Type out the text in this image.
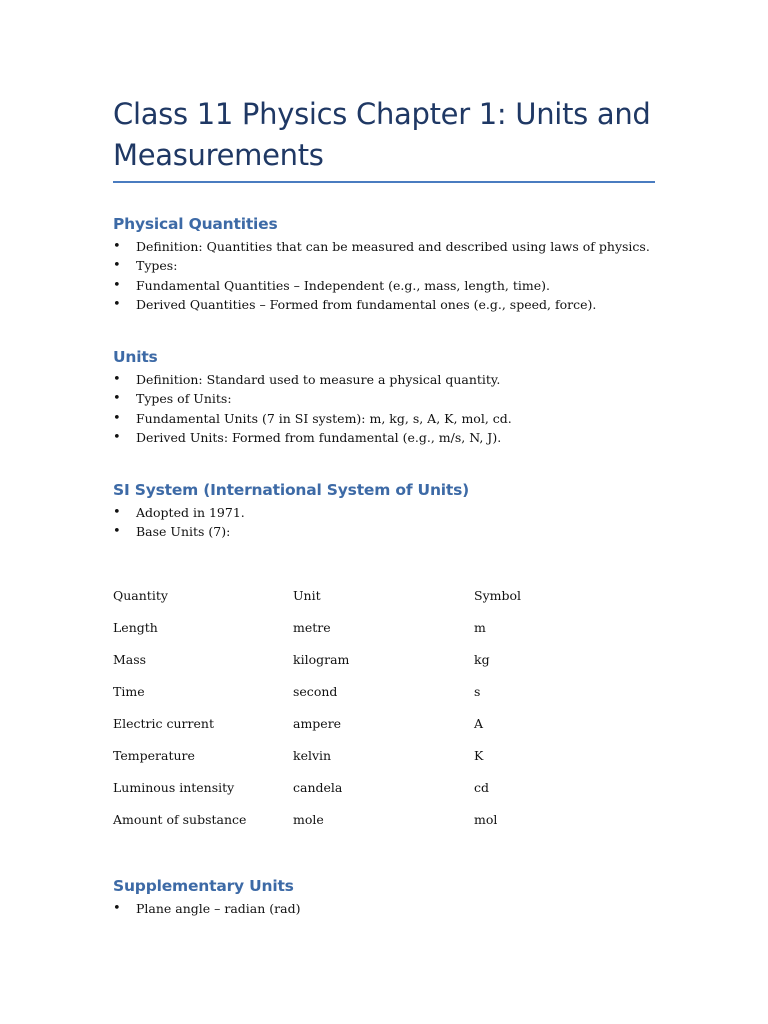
Class 11 Physics Chapter 1: Units and
Measurements
Physical Quantities
• Definition: Quantities that can be measured and described using laws of physics.
• Types:
• Fundamental Quantities – Independent (e.g., mass, length, time).
• Derived Quantities – Formed from fundamental ones (e.g., speed, force).
Units
• Definition: Standard used to measure a physical quantity.
• Types of Units:
• Fundamental Units (7 in SI system): m, kg, s, A, K, mol, cd.
• Derived Units: Formed from fundamental (e.g., m/s, N, J).
SI System (International System of Units)
• Adopted in 1971.
• Base Units (7):
Quantity	Unit	Symbol
Length	metre	m
Mass	kilogram	kg
Time	second	s
Electric current	ampere	A
Temperature	kelvin	K
Luminous intensity	candela	cd
Amount of substance	mole	mol
Supplementary Units
• Plane angle – radian (rad)
